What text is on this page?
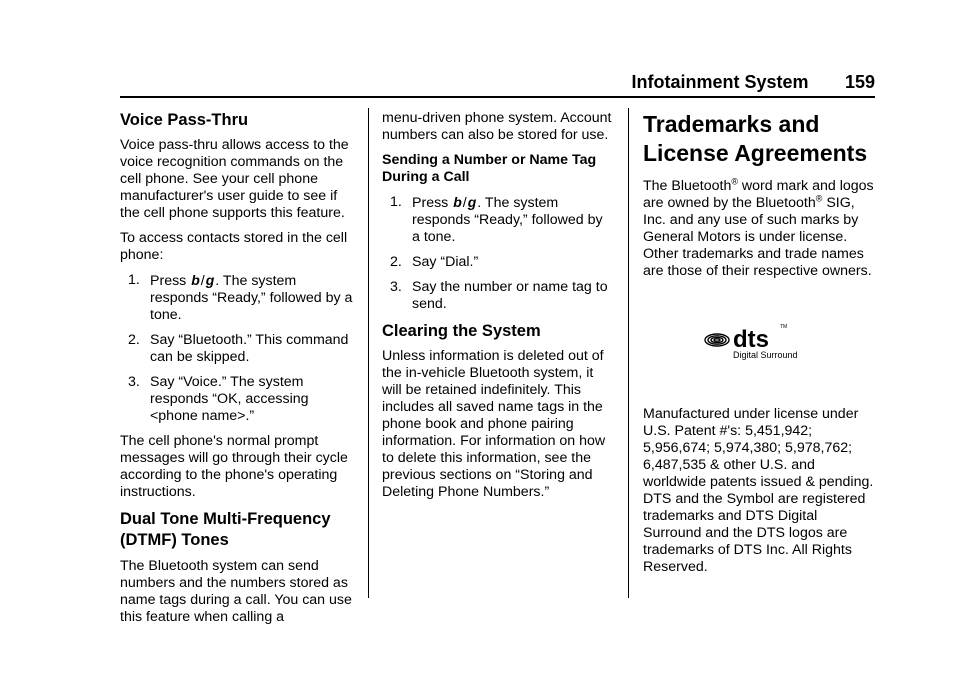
Infotainment System 159
Voice Pass-Thru

Voice pass-thru allows access to the voice recognition commands on the cell phone. See your cell phone manufacturer's user guide to see if the cell phone supports this feature.

To access contacts stored in the cell phone:

1. Press b/g. The system responds “Ready,” followed by a tone.
2. Say “Bluetooth.” This command can be skipped.
3. Say “Voice.” The system responds “OK, accessing <phone name>.”

The cell phone's normal prompt messages will go through their cycle according to the phone's operating instructions.

Dual Tone Multi-Frequency (DTMF) Tones

The Bluetooth system can send numbers and the numbers stored as name tags during a call. You can use this feature when calling a

menu-driven phone system. Account numbers can also be stored for use.

Sending a Number or Name Tag During a Call

1. Press b/g. The system responds “Ready,” followed by a tone.
2. Say “Dial.”
3. Say the number or name tag to send.
Clearing the System

Unless information is deleted out of the in-vehicle Bluetooth system, it will be retained indefinitely. This includes all saved name tags in the phone book and phone pairing information. For information on how to delete this information, see the previous sections on “Storing and Deleting Phone Numbers.”

Trademarks and License Agreements

The Bluetooth® word mark and logos are owned by the Bluetooth® SIG, Inc. and any use of such marks by General Motors is under license. Other trademarks and trade names are those of their respective owners.

dts TM
Digital Surround

Manufactured under license under U.S. Patent #'s: 5,451,942; 5,956,674; 5,974,380; 5,978,762; 6,487,535 & other U.S. and worldwide patents issued & pending. DTS and the Symbol are registered trademarks and DTS Digital Surround and the DTS logos are trademarks of DTS Inc. All Rights Reserved.
